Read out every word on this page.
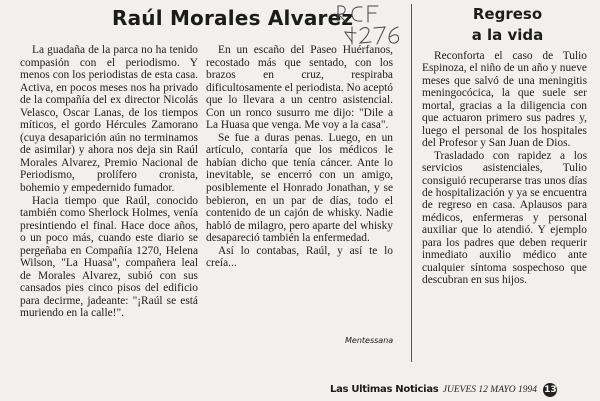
Raúl Morales Alvarez

La guadaña de la parca no ha tenido compasión con el periodismo. Y menos con los periodistas de esta casa. Activa, en pocos meses nos ha privado de la compañía del ex director Nicolás Velasco, Oscar Lanas, de los tiempos míticos, el gordo Hércules Zamorano (cuya desaparición aún no terminamos de asimilar) y ahora nos deja sin Raúl Morales Alvarez, Premio Nacional de Periodismo, prolífero cronista, bohemio y empedernido fumador.

Hacia tiempo que Raúl, conocido también como Sherlock Holmes, venía presintiendo el final. Hace doce años, o un poco más, cuando este diario se pergeñaba en Compañía 1270, Helena Wilson, "La Huasa", compañera leal de Morales Alvarez, subió con sus cansados pies cinco pisos del edificio para decirme, jadeante: "¡Raúl se está muriendo en la calle!".

En un escaño del Paseo Huérfanos, recostado más que sentado, con los brazos en cruz, respiraba dificultosamente el periodista. No aceptó que lo llevara a un centro asistencial. Con un ronco susurro me dijo: "Dile a La Huasa que venga. Me voy a la casa".

Se fue a duras penas. Luego, en un artículo, contaría que los médicos le habían dicho que tenía cáncer. Ante lo inevitable, se encerró con un amigo, posiblemente el Honrado Jonathan, y se bebieron, en un par de días, todo el contenido de un cajón de whisky. Nadie habló de milagro, pero aparte del whisky desapareció también la enfermedad.

Así lo contabas, Raúl, y así te lo creía...

Mentessana
Regreso
a la vida

Reconforta el caso de Tulio Espinoza, el niño de un año y nueve meses que salvó de una meningitis meningocócica, la que suele ser mortal, gracias a la diligencia con que actuaron primero sus padres y, luego el personal de los hospitales del Profesor y San Juan de Dios.

Trasladado con rapidez a los servicios asistenciales, Tulio consiguió recuperarse tras unos días de hospitalización y ya se encuentra de regreso en casa. Aplausos para médicos, enfermeras y personal auxiliar que lo atendió. Y ejemplo para los padres que deben requerir inmediato auxilio médico ante cualquier síntoma sospechoso que descubran en sus hijos.

Las Ultimas Noticias JUEVES 12 MAYO 1994 13
